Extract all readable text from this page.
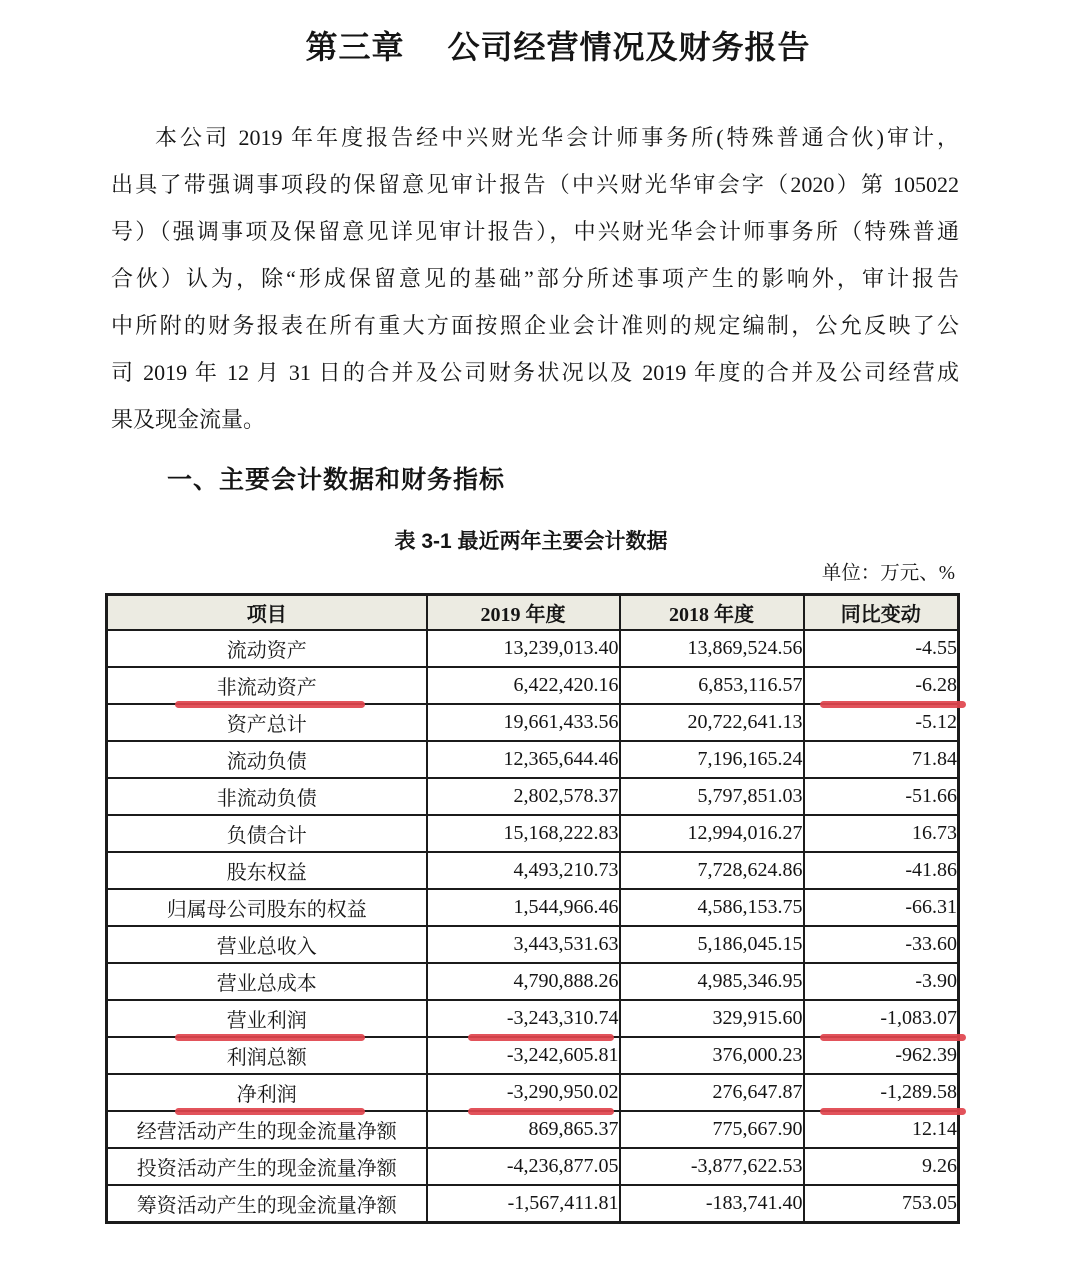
第三章　 公司经营情况及财务报告
本公司 2019 年年度报告经中兴财光华会计师事务所(特殊普通合伙)审计，
出具了带强调事项段的保留意见审计报告（中兴财光华审会字（2020）第 105022
号）（强调事项及保留意见详见审计报告），中兴财光华会计师事务所（特殊普通
合伙）认为，除“形成保留意见的基础”部分所述事项产生的影响外，审计报告
中所附的财务报表在所有重大方面按照企业会计准则的规定编制，公允反映了公
司 2019 年 12 月 31 日的合并及公司财务状况以及 2019 年度的合并及公司经营成
果及现金流量。
一、主要会计数据和财务指标
表 3-1 最近两年主要会计数据
单位：万元、%
项目	2019 年度	2018 年度	同比变动
流动资产	13,239,013.40	13,869,524.56	-4.55
非流动资产	6,422,420.16	6,853,116.57	-6.28
资产总计	19,661,433.56	20,722,641.13	-5.12
流动负债	12,365,644.46	7,196,165.24	71.84
非流动负债	2,802,578.37	5,797,851.03	-51.66
负债合计	15,168,222.83	12,994,016.27	16.73
股东权益	4,493,210.73	7,728,624.86	-41.86
归属母公司股东的权益	1,544,966.46	4,586,153.75	-66.31
营业总收入	3,443,531.63	5,186,045.15	-33.60
营业总成本	4,790,888.26	4,985,346.95	-3.90
营业利润	-3,243,310.74	329,915.60	-1,083.07
利润总额	-3,242,605.81	376,000.23	-962.39
净利润	-3,290,950.02	276,647.87	-1,289.58
经营活动产生的现金流量净额	869,865.37	775,667.90	12.14
投资活动产生的现金流量净额	-4,236,877.05	-3,877,622.53	9.26
筹资活动产生的现金流量净额	-1,567,411.81	-183,741.40	753.05
